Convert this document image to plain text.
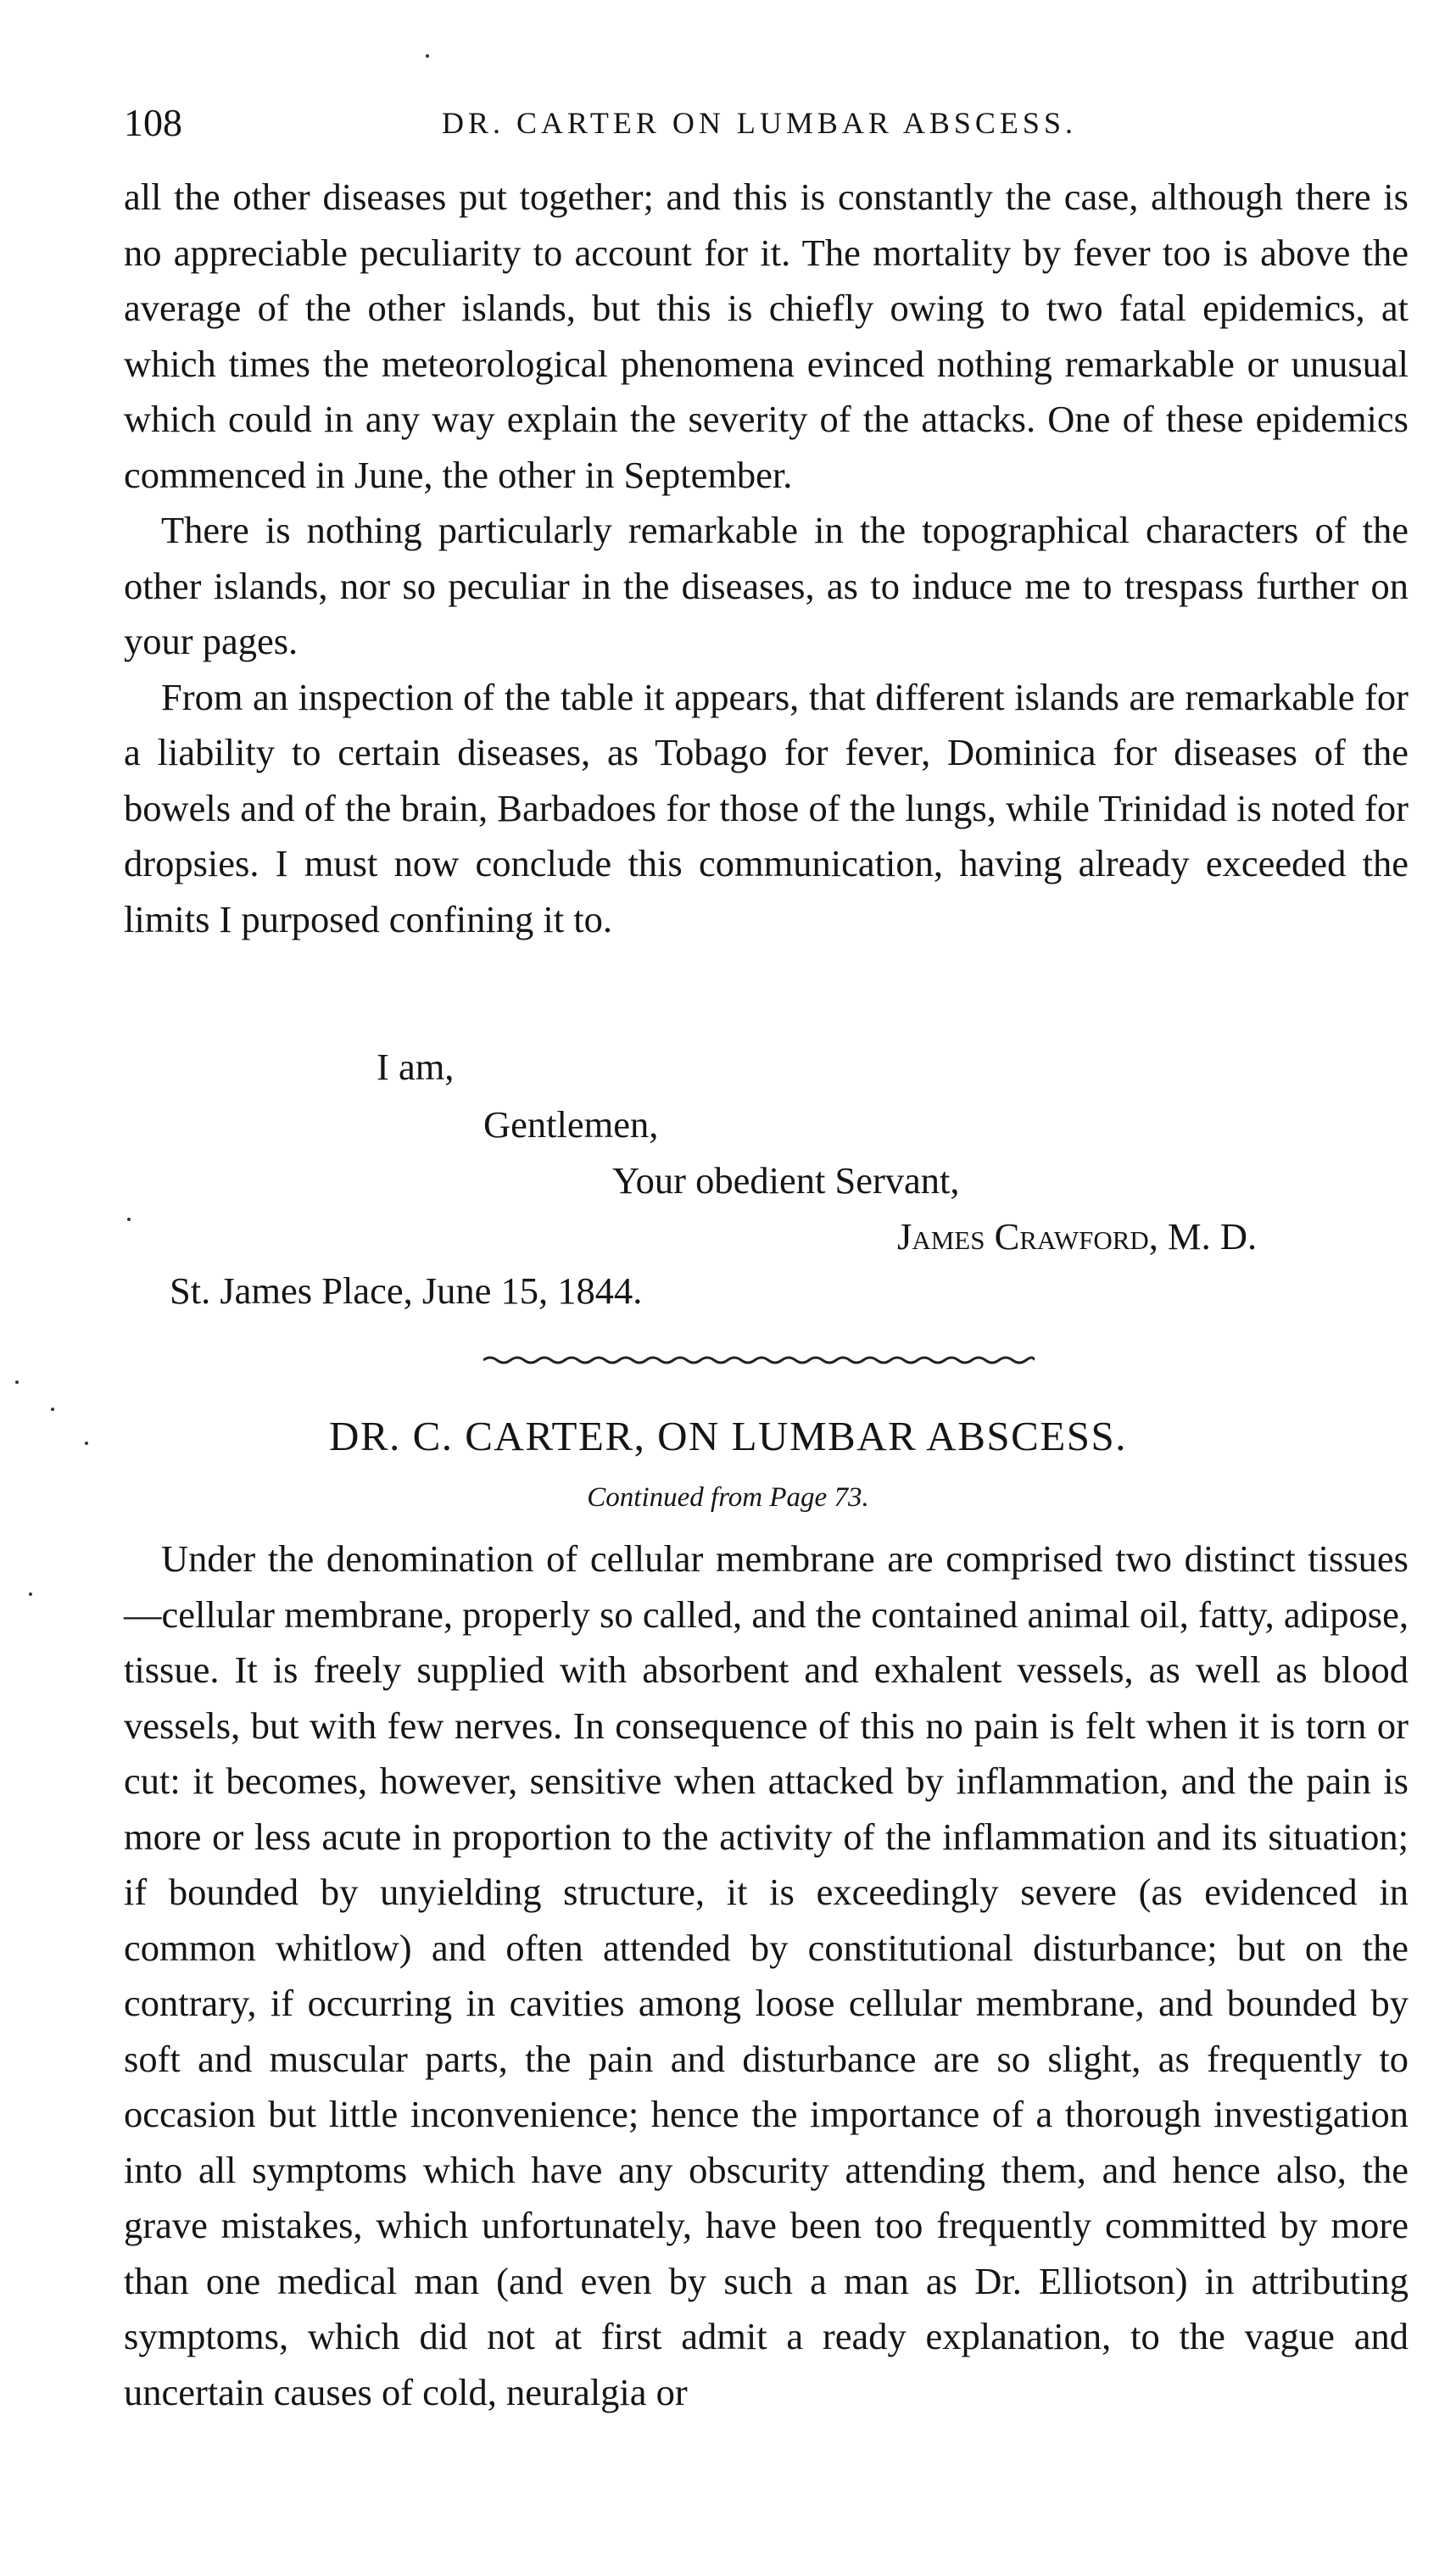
108	DR. CARTER ON LUMBAR ABSCESS.

all the other diseases put together; and this is constantly the case, although there is no appreciable peculiarity to account for it. The mortality by fever too is above the average of the other islands, but this is chiefly owing to two fatal epidemics, at which times the meteorological phenomena evinced nothing remarkable or unusual which could in any way explain the severity of the attacks. One of these epidemics commenced in June, the other in September.

There is nothing particularly remarkable in the topographical characters of the other islands, nor so peculiar in the diseases, as to induce me to trespass further on your pages.

From an inspection of the table it appears, that different islands are remarkable for a liability to certain diseases, as Tobago for fever, Dominica for diseases of the bowels and of the brain, Barbadoes for those of the lungs, while Trinidad is noted for dropsies. I must now conclude this communication, having already exceeded the limits I purposed confining it to.

I am,
Gentlemen,
Your obedient Servant,
James Crawford, M. D.
St. James Place, June 15, 1844.
DR. C. CARTER, ON LUMBAR ABSCESS.
Continued from Page 73.

Under the denomination of cellular membrane are comprised two distinct tissues—cellular membrane, properly so called, and the contained animal oil, fatty, adipose, tissue. It is freely supplied with absorbent and exhalent vessels, as well as blood vessels, but with few nerves. In consequence of this no pain is felt when it is torn or cut: it becomes, however, sensitive when attacked by inflammation, and the pain is more or less acute in proportion to the activity of the inflammation and its situation; if bounded by unyielding structure, it is exceedingly severe (as evidenced in common whitlow) and often attended by constitutional disturbance; but on the contrary, if occurring in cavities among loose cellular membrane, and bounded by soft and muscular parts, the pain and disturbance are so slight, as frequently to occasion but little inconvenience; hence the importance of a thorough investigation into all symptoms which have any obscurity attending them, and hence also, the grave mistakes, which unfortunately, have been too frequently committed by more than one medical man (and even by such a man as Dr. Elliotson) in attributing symptoms, which did not at first admit a ready explanation, to the vague and uncertain causes of cold, neuralgia or
